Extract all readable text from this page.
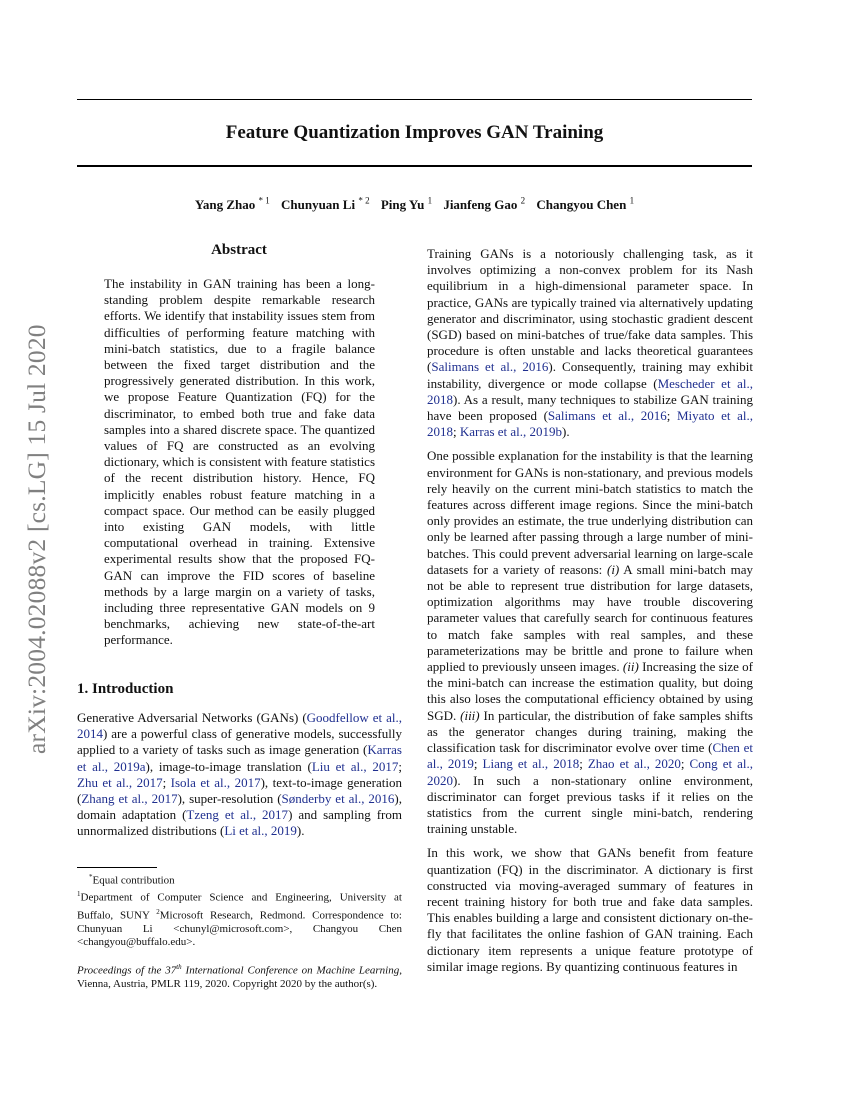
Feature Quantization Improves GAN Training
Yang Zhao $^{* 1}$ Chunyuan Li $^{* 2}$ Ping Yu $^1$ Jianfeng Gao $^2$ Changyou Chen $^1$
arXiv:2004.02088v2 [cs.LG] 15 Jul 2020
Abstract

The instability in GAN training has been a long-standing problem despite remarkable research efforts. We identify that instability issues stem from difficulties of performing feature matching with mini-batch statistics, due to a fragile balance between the fixed target distribution and the progressively generated distribution. In this work, we propose Feature Quantization (FQ) for the discriminator, to embed both true and fake data samples into a shared discrete space. The quantized values of FQ are constructed as an evolving dictionary, which is consistent with feature statistics of the recent distribution history. Hence, FQ implicitly enables robust feature matching in a compact space. Our method can be easily plugged into existing GAN models, with little computational overhead in training. Extensive experimental results show that the proposed FQ-GAN can improve the FID scores of baseline methods by a large margin on a variety of tasks, including three representative GAN models on 9 benchmarks, achieving new state-of-the-art performance.

1. Introduction

Generative Adversarial Networks (GANs) (Goodfellow et al., 2014) are a powerful class of generative models, successfully applied to a variety of tasks such as image generation (Karras et al., 2019a), image-to-image translation (Liu et al., 2017; Zhu et al., 2017; Isola et al., 2017), text-to-image generation (Zhang et al., 2017), super-resolution (Sønderby et al., 2016), domain adaptation (Tzeng et al., 2017) and sampling from unnormalized distributions (Li et al., 2019).

*Equal contribution

$^1$Department of Computer Science and Engineering, University at Buffalo, SUNY $^2$Microsoft Research, Redmond. Correspondence to: Chunyuan Li <chunyl@microsoft.com>, Changyou Chen <changyou@buffalo.edu>.

Proceedings of the 37th International Conference on Machine Learning, Vienna, Austria, PMLR 119, 2020. Copyright 2020 by the author(s).

Training GANs is a notoriously challenging task, as it involves optimizing a non-convex problem for its Nash equilibrium in a high-dimensional parameter space. In practice, GANs are typically trained via alternatively updating generator and discriminator, using stochastic gradient descent (SGD) based on mini-batches of true/fake data samples. This procedure is often unstable and lacks theoretical guarantees (Salimans et al., 2016). Consequently, training may exhibit instability, divergence or mode collapse (Mescheder et al., 2018). As a result, many techniques to stabilize GAN training have been proposed (Salimans et al., 2016; Miyato et al., 2018; Karras et al., 2019b).

One possible explanation for the instability is that the learning environment for GANs is non-stationary, and previous models rely heavily on the current mini-batch statistics to match the features across different image regions. Since the mini-batch only provides an estimate, the true underlying distribution can only be learned after passing through a large number of mini-batches. This could prevent adversarial learning on large-scale datasets for a variety of reasons: (i) A small mini-batch may not be able to represent true distribution for large datasets, optimization algorithms may have trouble discovering parameter values that carefully search for continuous features to match fake samples with real samples, and these parameterizations may be brittle and prone to failure when applied to previously unseen images. (ii) Increasing the size of the mini-batch can increase the estimation quality, but doing this also loses the computational efficiency obtained by using SGD. (iii) In particular, the distribution of fake samples shifts as the generator changes during training, making the classification task for discriminator evolve over time (Chen et al., 2019; Liang et al., 2018; Zhao et al., 2020; Cong et al., 2020). In such a non-stationary online environment, discriminator can forget previous tasks if it relies on the statistics from the current single mini-batch, rendering training unstable.

In this work, we show that GANs benefit from feature quantization (FQ) in the discriminator. A dictionary is first constructed via moving-averaged summary of features in recent training history for both true and fake data samples. This enables building a large and consistent dictionary on-the-fly that facilitates the online fashion of GAN training. Each dictionary item represents a unique feature prototype of similar image regions. By quantizing continuous features in
